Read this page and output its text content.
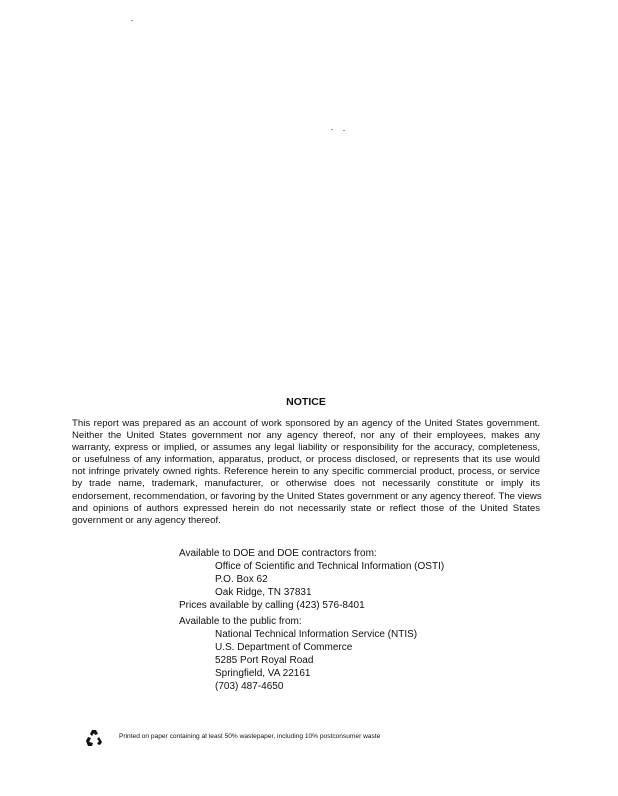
NOTICE
This report was prepared as an account of work sponsored by an agency of the United States government.
Neither the United States government nor any agency thereof, nor any of their employees, makes any
warranty, express or implied, or assumes any legal liability or responsibility for the accuracy, completeness,
or usefulness of any information, apparatus, product, or process disclosed, or represents that its use would
not infringe privately owned rights. Reference herein to any specific commercial product, process, or service
by trade name, trademark, manufacturer, or otherwise does not necessarily constitute or imply its
endorsement, recommendation, or favoring by the United States government or any agency thereof. The views
and opinions of authors expressed herein do not necessarily state or reflect those of the United States
government or any agency thereof.
Available to DOE and DOE contractors from:
Office of Scientific and Technical Information (OSTI)
P.O. Box 62
Oak Ridge, TN 37831
Prices available by calling (423) 576-8401
Available to the public from:
National Technical Information Service (NTIS)
U.S. Department of Commerce
5285 Port Royal Road
Springfield, VA 22161
(703) 487-4650
Printed on paper containing at least 50% wastepaper, including 10% postconsumer waste
